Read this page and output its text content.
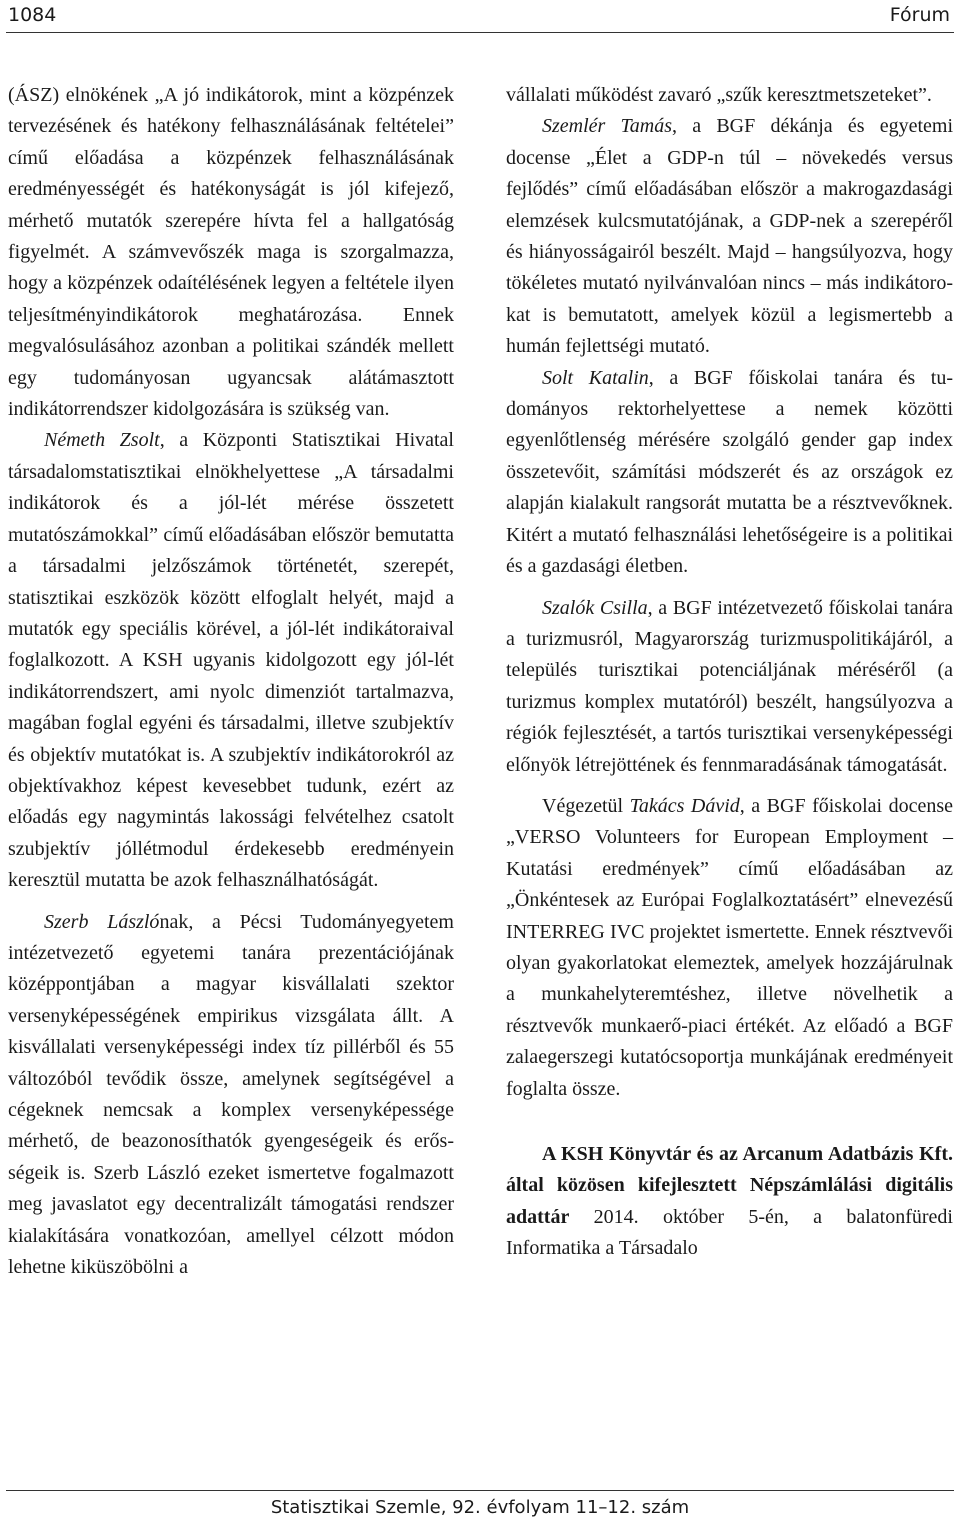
1084	Fórum

(ÁSZ) elnökének „A jó indikátorok, mint a közpénzek tervezésének és hatékony felhasználásának feltételei” című előadása a közpénzek felhasználásának eredményességét és hatékonyságát is jól kifejező, mérhető mutatók szerepére hívta fel a hallgatóság figyelmét. A számvevőszék maga is szorgalmazza, hogy a közpénzek odaítélésének legyen a feltétele ilyen teljesítményindikátorok meghatározása. Ennek megvalósulásához azonban a politikai szándék mellett egy tudományosan ugyancsak alátámasztott indikátorrendszer kidolgozására is szükség van.

Németh Zsolt, a Központi Statisztikai Hivatal társadalomstatisztikai elnökhelyettese „A társadalmi indikátorok és a jól-lét mérése összetett mutatószámokkal” című előadásában először bemutatta a társadalmi jelzőszámok történetét, szerepét, statisztikai eszközök között elfoglalt helyét, majd a mutatók egy speciális körével, a jól-lét indikátoraival foglalkozott. A KSH ugyanis kidolgozott egy jól-lét indikátorrendszert, ami nyolc dimenziót tartalmazva, magában foglal egyéni és társadalmi, illetve szubjektív és objektív mutatókat is. A szubjektív indikátorokról az objektívakhoz képest kevesebbet tudunk, ezért az előadás egy nagymintás lakossági felvételhez csatolt szubjektív jóllétmodul érdekesebb eredményein keresztül mutatta be azok felhasználhatóságát.

Szerb Lászlónak, a Pécsi Tudományegyetem intézetvezető egyetemi tanára prezentációjának középpontjában a magyar kisvállalati szektor versenyképességének empirikus vizsgálata állt. A kisvállalati versenyképességi index tíz pillérből és 55 változóból tevődik össze, amelynek segítségével a cégeknek nemcsak a komplex versenyképessége mérhető, de beazonosíthatók gyengeségeik és erősségeik is. Szerb László ezeket ismertetve fogalmazott meg javaslatot egy decentralizált támogatási rendszer kialakítására vonatkozóan, amellyel célzott módon lehetne kiküszöbölni a

vállalati működést zavaró „szűk keresztmetszeteket”.

Szemlér Tamás, a BGF dékánja és egyetemi docense „Élet a GDP-n túl – növekedés versus fejlődés” című előadásában először a makrogazdasági elemzések kulcsmutatójának, a GDP-nek a szerepéről és hiányosságairól beszélt. Majd – hangsúlyozva, hogy tökéletes mutató nyilvánvalóan nincs – más indikátorokat is bemutatott, amelyek közül a legismertebb a humán fejlettségi mutató.

Solt Katalin, a BGF főiskolai tanára és tudományos rektorhelyettese a nemek közötti egyenlőtlenség mérésére szolgáló gender gap index összetevőit, számítási módszerét és az országok ez alapján kialakult rangsorát mutatta be a résztvevőknek. Kitért a mutató felhasználási lehetőségeire is a politikai és a gazdasági életben.

Szalók Csilla, a BGF intézetvezető főiskolai tanára a turizmusról, Magyarország turizmuspolitikájáról, a település turisztikai potenciáljának méréséről (a turizmus komplex mutatóról) beszélt, hangsúlyozva a régiók fejlesztését, a tartós turisztikai versenyképességi előnyök létrejöttének és fennmaradásának támogatását.

Végezetül Takács Dávid, a BGF főiskolai docense „VERSO Volunteers for European Employment – Kutatási eredmények” című előadásában az „Önkéntesek az Európai Foglalkoztatásért” elnevezésű INTERREG IVC projektet ismertette. Ennek résztvevői olyan gyakorlatokat elemeztek, amelyek hozzájárulnak a munkahelyteremtéshez, illetve növelhetik a résztvevők munkaerő-piaci értékét. Az előadó a BGF zalaegerszegi kutatócsoportja munkájának eredményeit foglalta össze.

A KSH Könyvtár és az Arcanum Adatbázis Kft. által közösen kifejlesztett Népszámlálási digitális adattár 2014. október 5-én, a balatonfüredi Informatika a Társadalo

Statisztikai Szemle, 92. évfolyam 11–12. szám
